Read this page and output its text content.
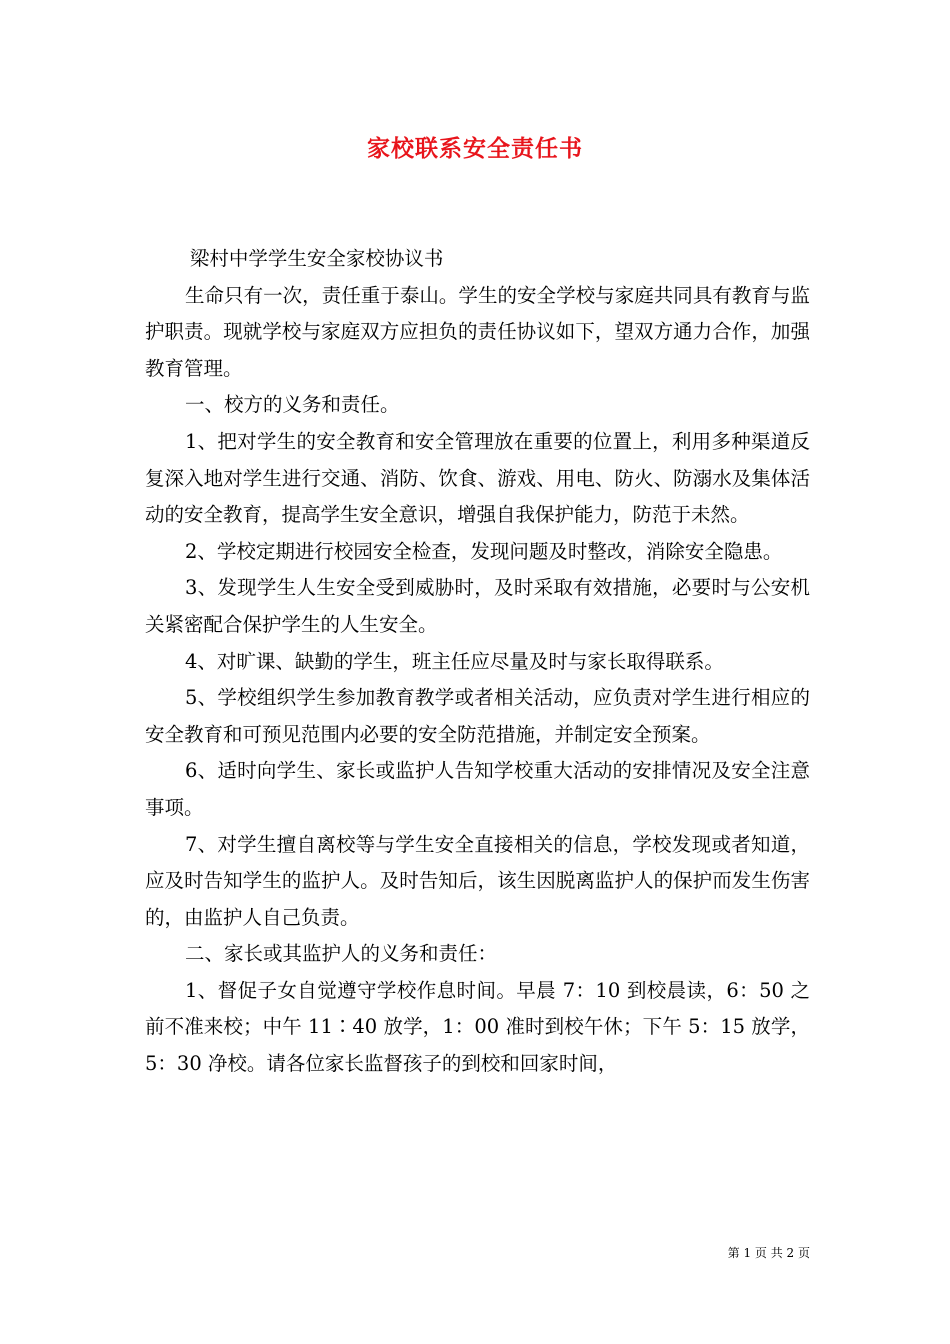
家校联系安全责任书

梁村中学学生安全家校协议书

生命只有一次，责任重于泰山。学生的安全学校与家庭共同具有教育与监护职责。现就学校与家庭双方应担负的责任协议如下，望双方通力合作，加强教育管理。

一、校方的义务和责任。

1、把对学生的安全教育和安全管理放在重要的位置上，利用多种渠道反复深入地对学生进行交通、消防、饮食、游戏、用电、防火、防溺水及集体活动的安全教育，提高学生安全意识，增强自我保护能力，防范于未然。

2、学校定期进行校园安全检查，发现问题及时整改，消除安全隐患。

3、发现学生人生安全受到威胁时，及时采取有效措施，必要时与公安机关紧密配合保护学生的人生安全。

4、对旷课、缺勤的学生，班主任应尽量及时与家长取得联系。

5、学校组织学生参加教育教学或者相关活动，应负责对学生进行相应的安全教育和可预见范围内必要的安全防范措施，并制定安全预案。

6、适时向学生、家长或监护人告知学校重大活动的安排情况及安全注意事项。

7、对学生擅自离校等与学生安全直接相关的信息，学校发现或者知道，应及时告知学生的监护人。及时告知后，该生因脱离监护人的保护而发生伤害的，由监护人自己负责。

二、家长或其监护人的义务和责任：

1、督促子女自觉遵守学校作息时间。早晨 7：10 到校晨读，6：50 之前不准来校；中午 11∶40 放学，1：00 准时到校午休；下午 5：15 放学，5：30 净校。请各位家长监督孩子的到校和回家时间，

第 1 页 共 2 页
